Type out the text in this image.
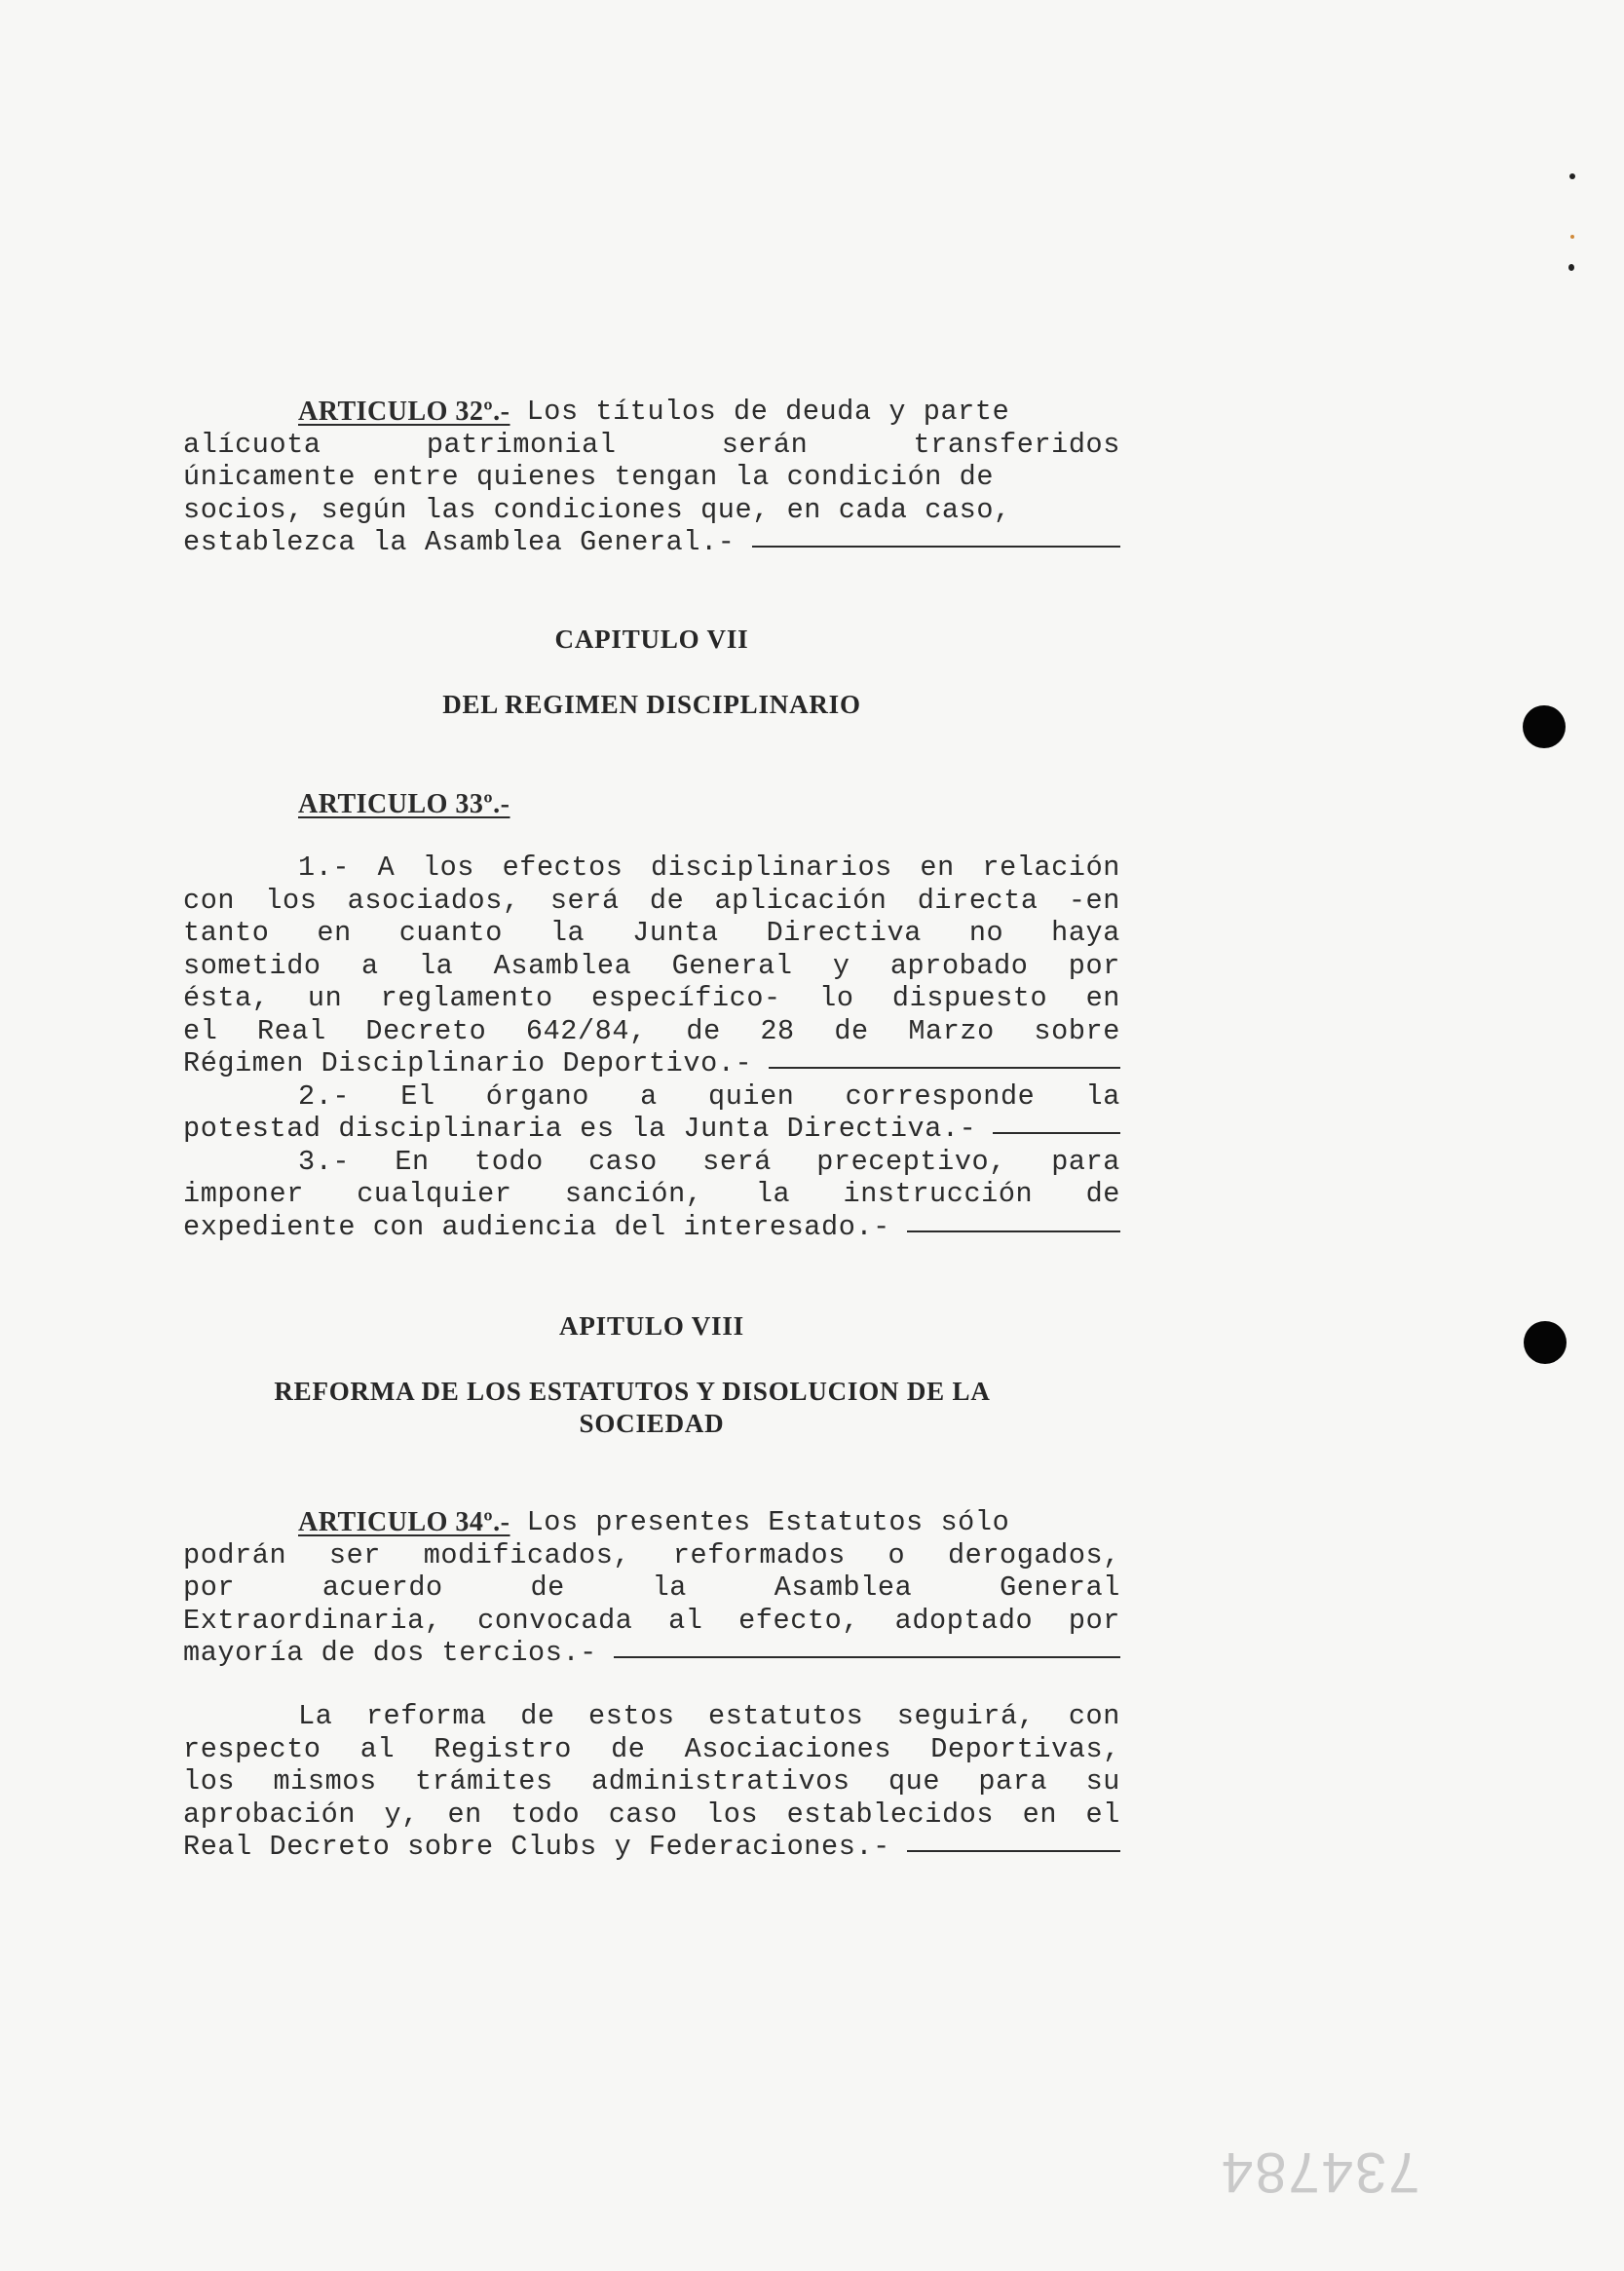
ARTICULO 32º.- Los títulos de deuda y parte
alícuota	patrimonial	serán	transferidos
únicamente entre quienes tengan la condición de
socios, según las condiciones que, en cada caso,
establezca la Asamblea General.-
CAPITULO VII
DEL REGIMEN DISCIPLINARIO
ARTICULO 33º.-
1.- A los efectos disciplinarios en relación
con los asociados, será de aplicación directa -en
tanto en cuanto la Junta Directiva no haya
sometido a la Asamblea General y aprobado por
ésta, un reglamento específico- lo dispuesto en
el Real Decreto 642/84, de 28 de Marzo sobre
Régimen Disciplinario Deportivo.-
2.- El órgano a quien corresponde la
potestad disciplinaria es la Junta Directiva.-
3.- En todo caso será preceptivo, para
imponer cualquier sanción, la instrucción de
expediente con audiencia del interesado.-
APITULO VIII
REFORMA DE LOS ESTATUTOS Y DISOLUCION DE LA
SOCIEDAD
ARTICULO 34º.- Los presentes Estatutos sólo
podrán ser modificados, reformados o derogados,
por	acuerdo	de	la	Asamblea	General
Extraordinaria, convocada al efecto, adoptado por
mayoría de dos tercios.-
La reforma de estos estatutos seguirá, con
respecto al Registro de Asociaciones Deportivas,
los mismos trámites administrativos que para su
aprobación y, en todo caso los establecidos en el
Real Decreto sobre Clubs y Federaciones.-
734784
